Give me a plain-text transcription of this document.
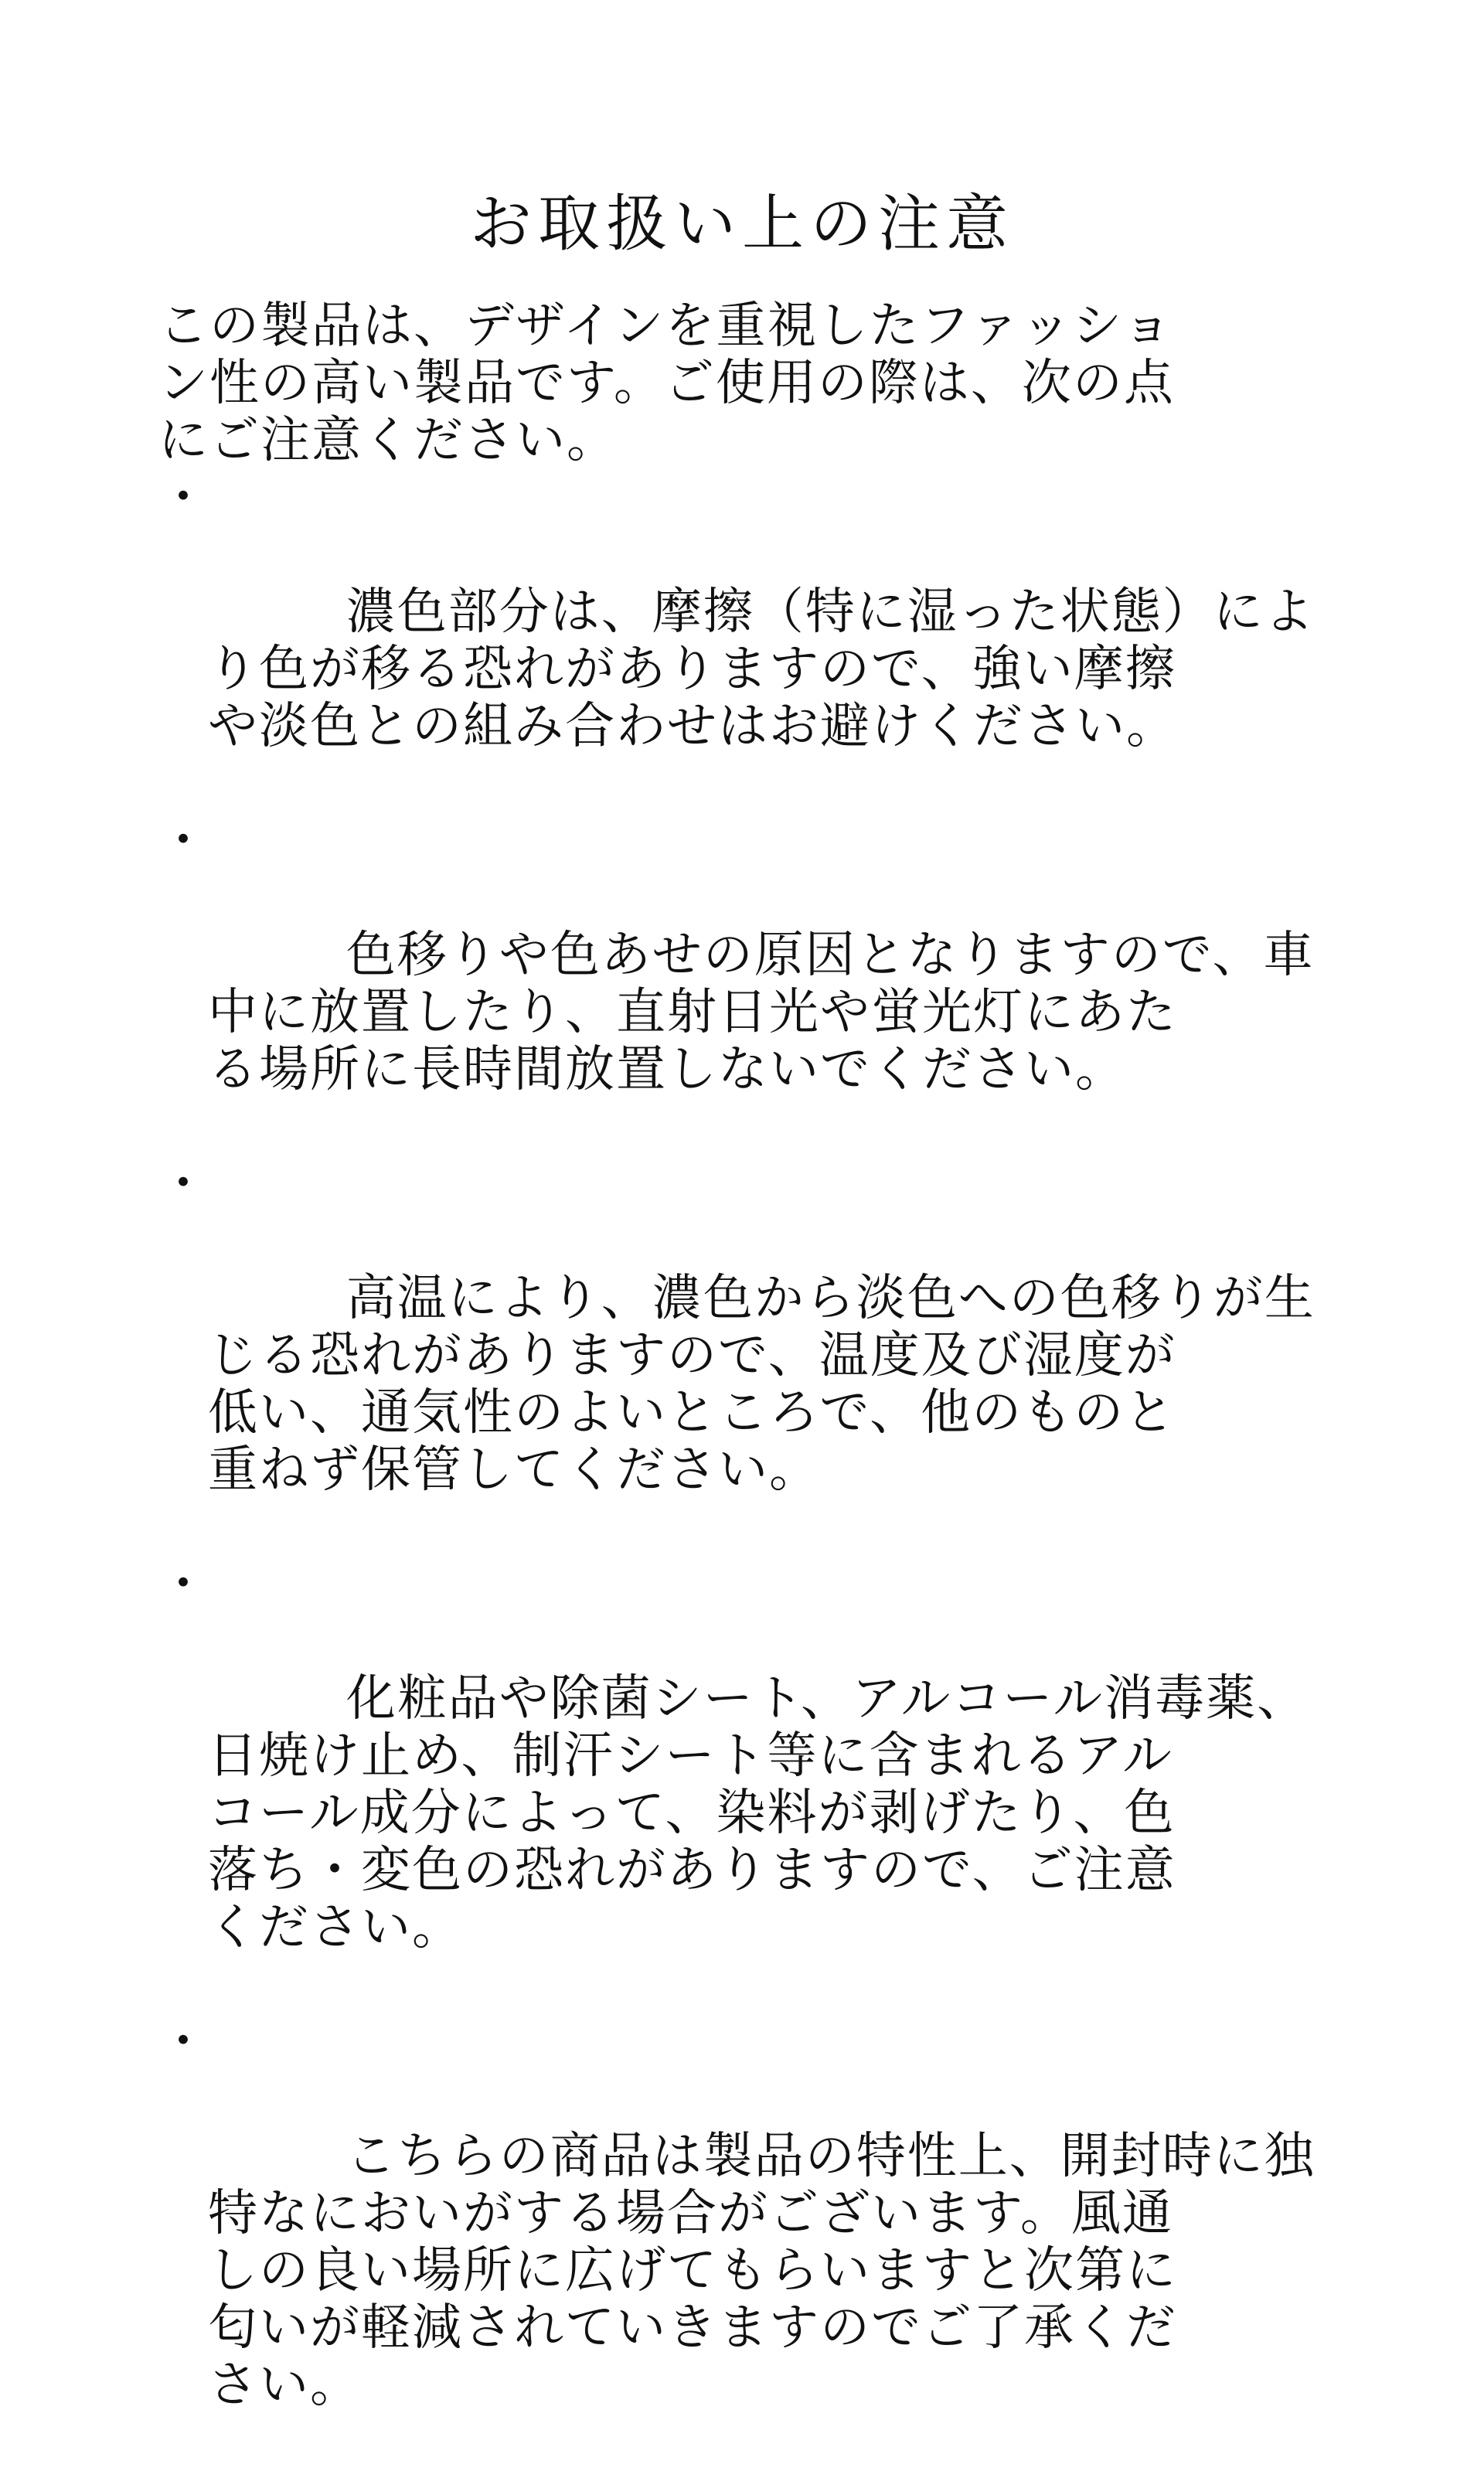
お取扱い上の注意

この製品は、デザインを重視したファッショ
ン性の高い製品です。ご使用の際は、次の点
にご注意ください。

・

濃色部分は、摩擦（特に湿った状態）によ
り色が移る恐れがありますので、強い摩擦
や淡色との組み合わせはお避けください。

・

色移りや色あせの原因となりますので、車
中に放置したり、直射日光や蛍光灯にあた
る場所に長時間放置しないでください。

・

高温により、濃色から淡色への色移りが生
じる恐れがありますので、温度及び湿度が
低い、通気性のよいところで、他のものと
重ねず保管してください。

・

化粧品や除菌シート、アルコール消毒薬、
日焼け止め、制汗シート等に含まれるアル
コール成分によって、染料が剥げたり、色
落ち・変色の恐れがありますので、ご注意
ください。

・

こちらの商品は製品の特性上、開封時に独
特なにおいがする場合がございます。風通
しの良い場所に広げてもらいますと次第に
匂いが軽減されていきますのでご了承くだ
さい。
